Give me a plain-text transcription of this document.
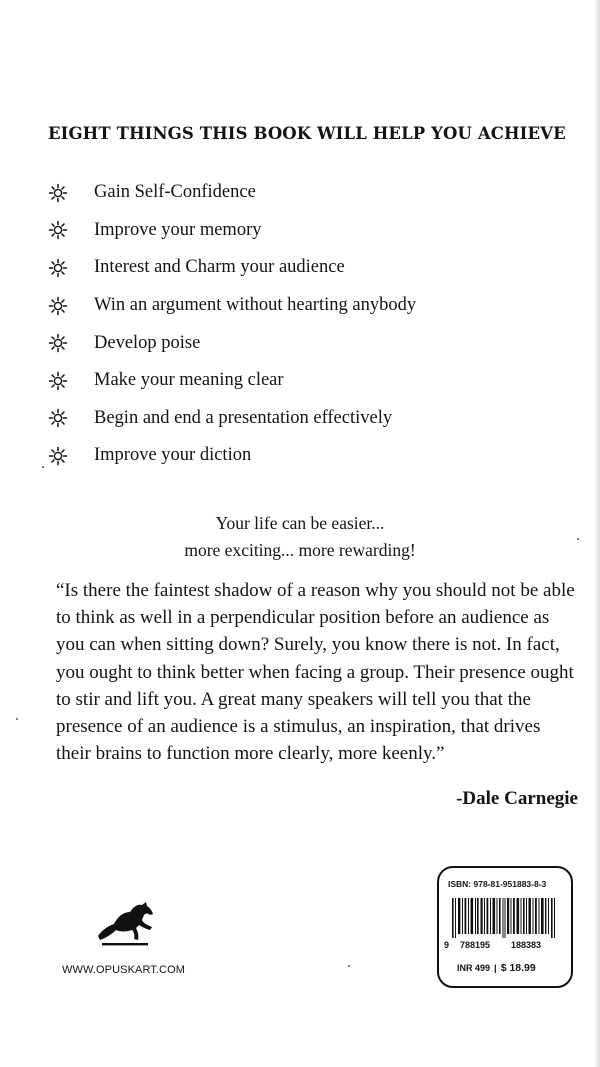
EIGHT THINGS THIS BOOK WILL HELP YOU ACHIEVE
Gain Self-Confidence
Improve your memory
Interest and Charm your audience
Win an argument without hearting anybody
Develop poise
Make your meaning clear
Begin and end a presentation effectively
Improve your diction
Your life can be easier...
more exciting... more rewarding!
“Is there the faintest shadow of a reason why you should not be able to think as well in a perpendicular position before an audience as you can when sitting down? Surely, you know there is not. In fact, you ought to think better when facing a group. Their presence ought to stir and lift you. A great many speakers will tell you that the presence of an audience is a stimulus, an inspiration, that drives their brains to function more clearly, more keenly.”
-Dale Carnegie
WWW.OPUSKART.COM
ISBN: 978-81-951883-8-3
9 788195 188383
INR 499 | $ 18.99
